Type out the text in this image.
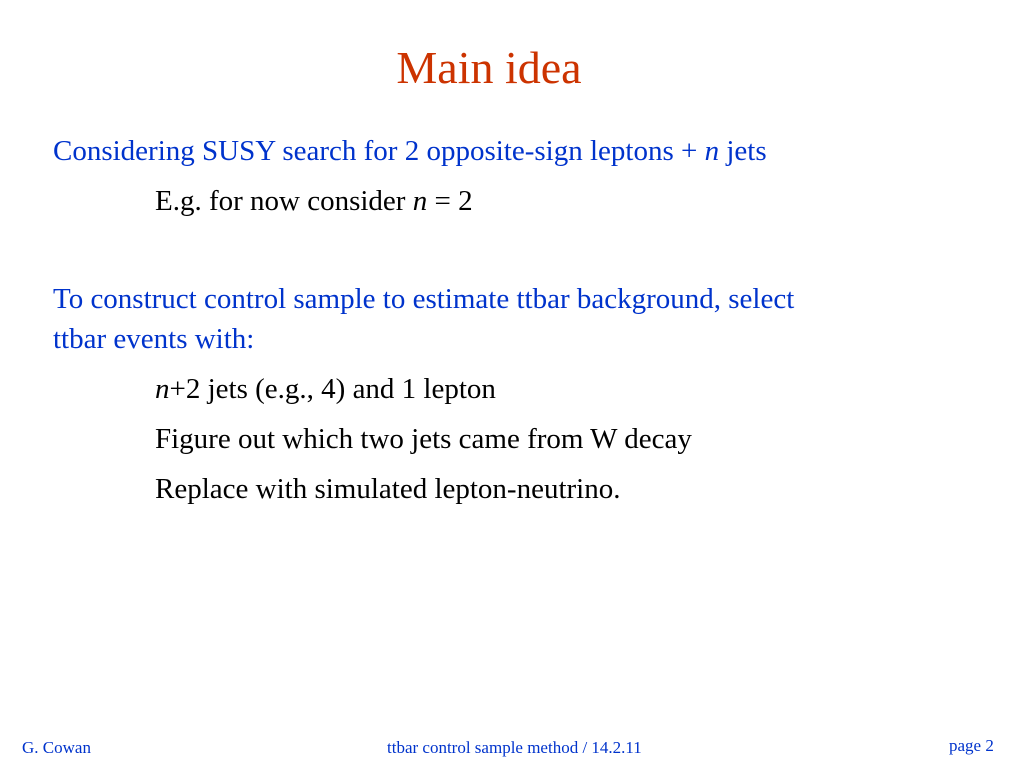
Main idea
Considering SUSY search for 2 opposite-sign leptons + n jets
E.g. for now consider n = 2
To construct control sample to estimate ttbar background, select
ttbar events with:
n+2 jets (e.g., 4) and 1 lepton
Figure out which two jets came from W decay
Replace with simulated lepton-neutrino.
G. Cowan	ttbar control sample method / 14.2.11	page 2
